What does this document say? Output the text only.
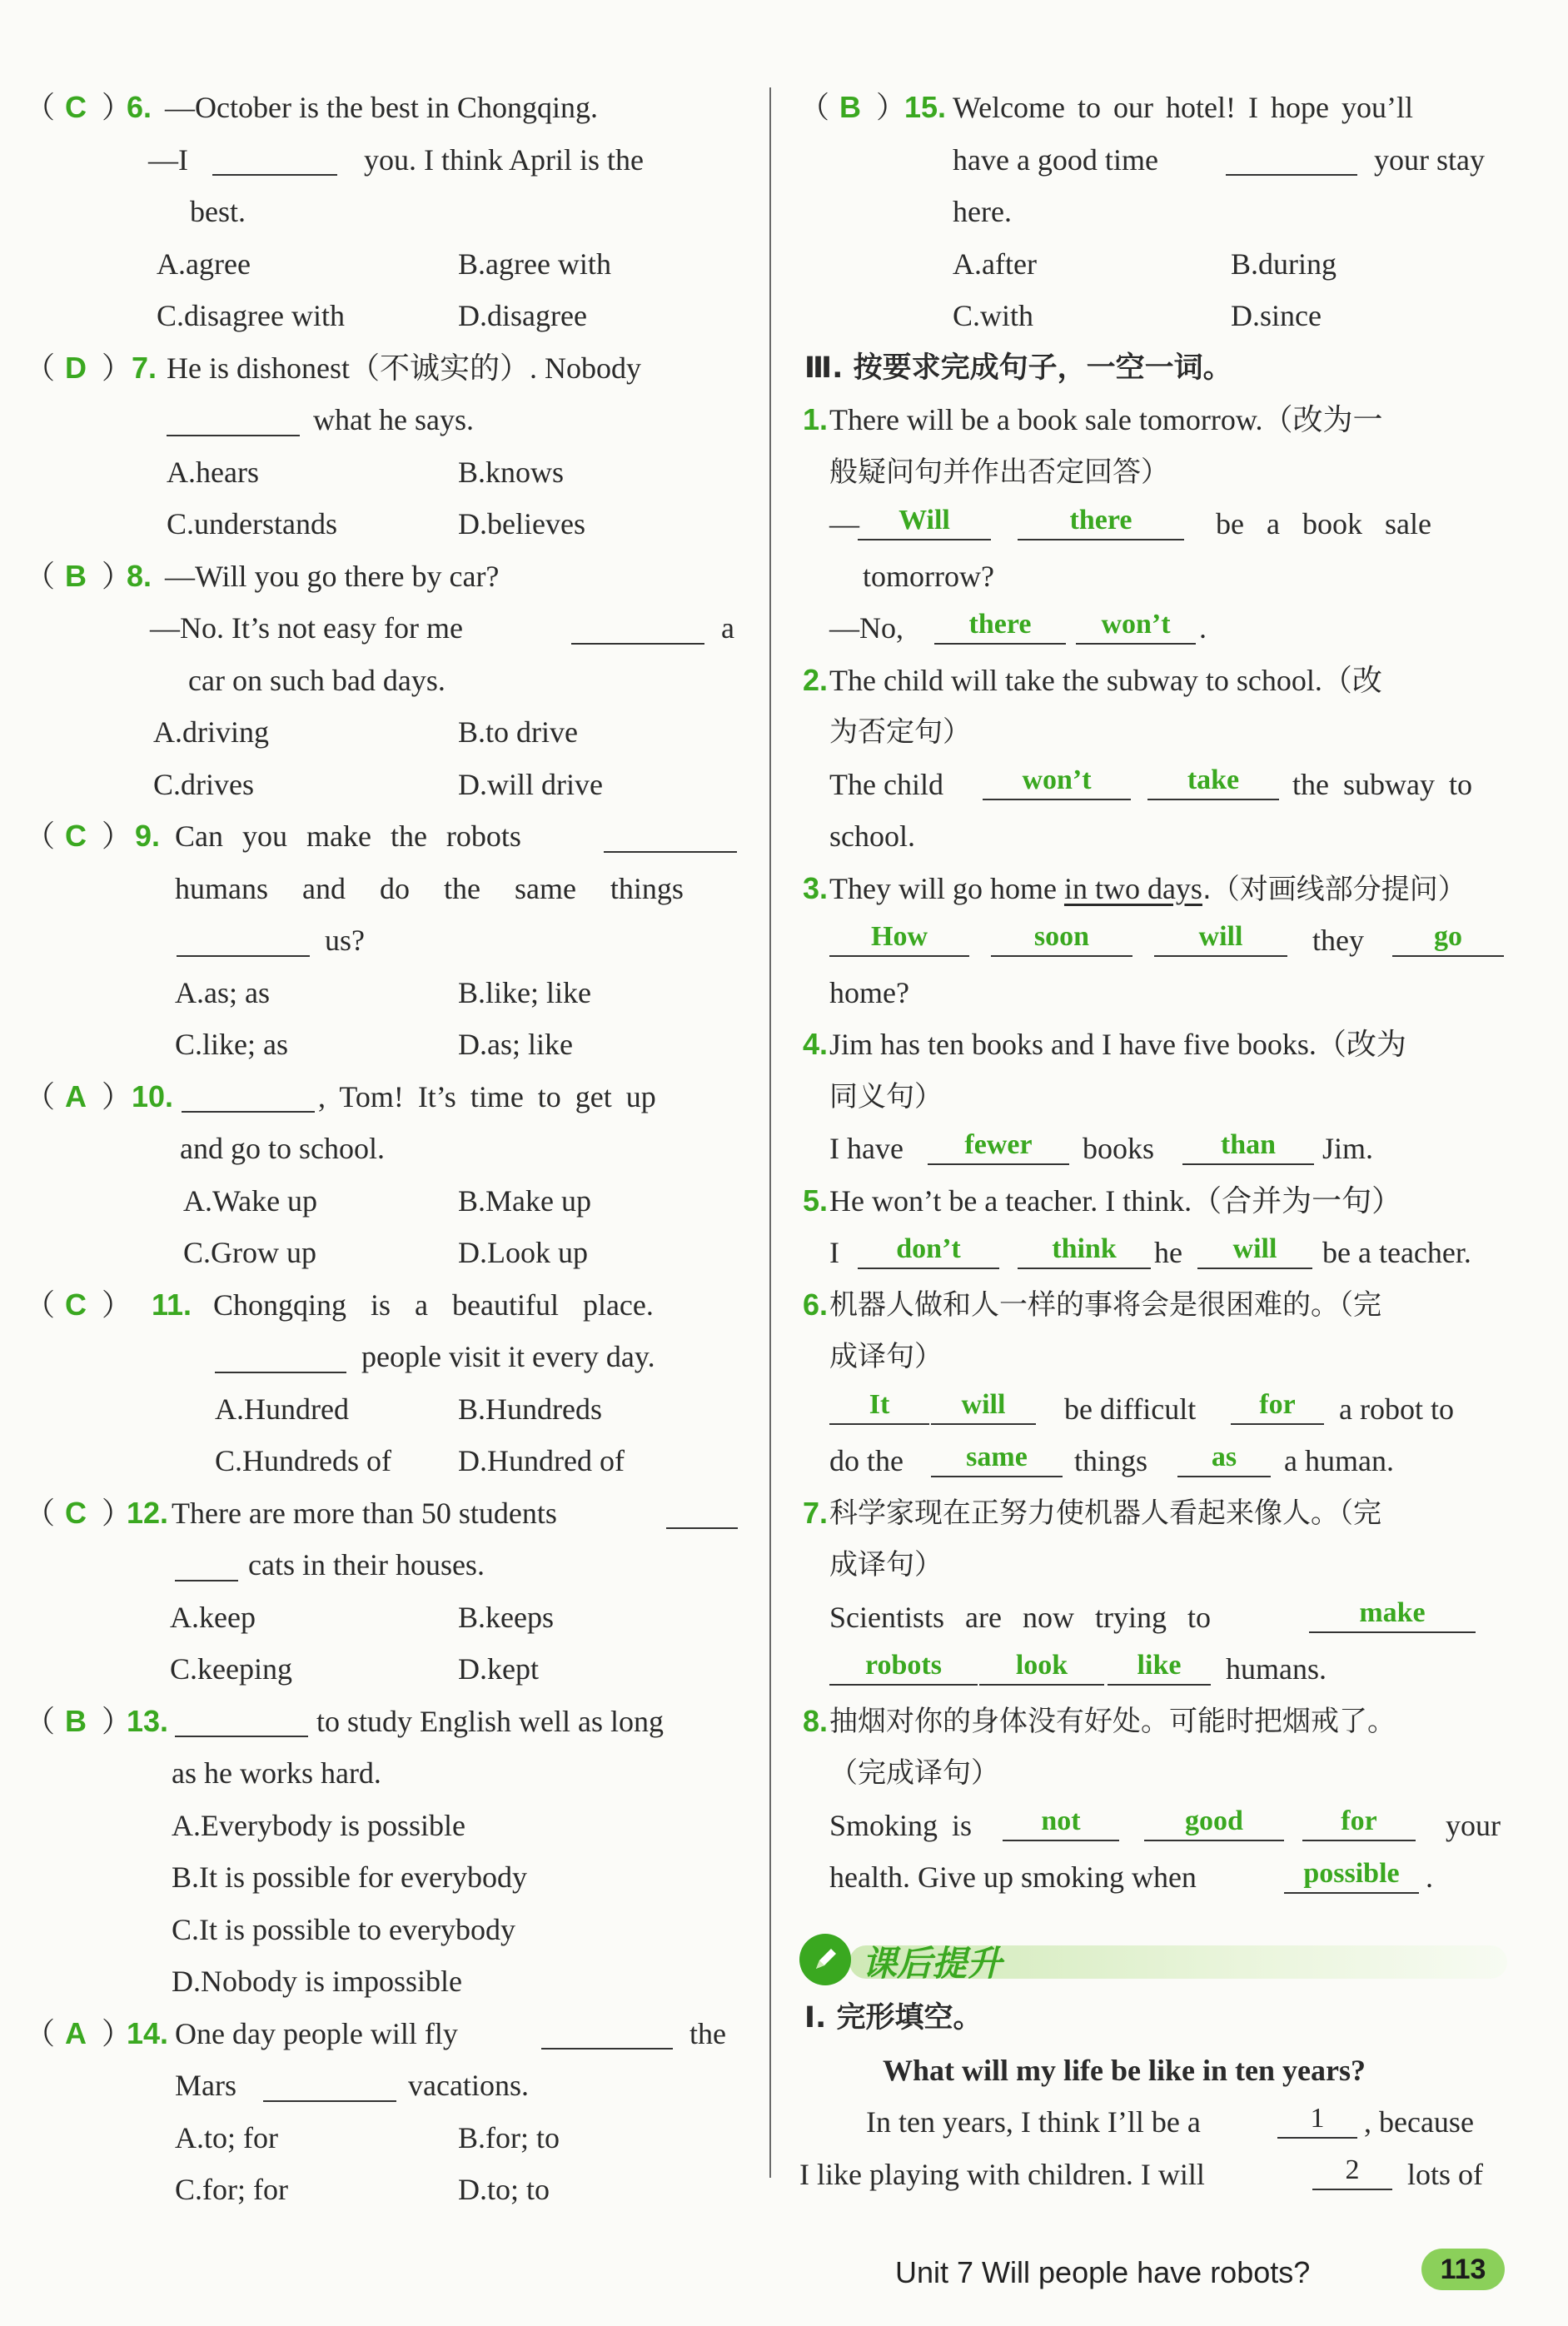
（ C ）
6. —October is the best in Chongqing.
—I	you. I think April is the
best.
A.agree	B.agree with
C.disagree with	D.disagree
（ D ） 7. He is dishonest（不诚实的）. Nobody
what he says.
A.hears	B.knows
C.understands	D.believes
（ B ）
8. —Will you go there by car?
—No. It’s not easy for me	a
car on such bad days.
A.driving	B.to drive
C.drives	D.will drive
（ C ） 9. Can you make the robots
humans and do the same things
us?
A.as; as	B.like; like
C.like; as	D.as; like
（ A ） 10.	, Tom! It’s time to get up
and go to school.
A.Wake up	B.Make up
C.Grow up	D.Look up
（ C ） 11. Chongqing is a beautiful place.
people visit it every day.
A.Hundred	B.Hundreds
C.Hundreds of D.Hundred of
（ C ）
12. There are more than 50 students
cats in their houses.
A.keep	B.keeps
C.keeping	D.kept
（ B ）
13.	to study English well as long
as he works hard.
A.Everybody is possible
B.It is possible for everybody
C.It is possible to everybody
D.Nobody is impossible
（ A ）
14. One day people will fly	the
Mars	vacations.
A.to; for	B.for; to
C.for; for	D.to; to
（ B ）
15. Welcome to our hotel! I hope you’ll
have a good time	your stay
here.
A.after	B.during
C.with	D.since
Ⅲ. 按要求完成句子，一空一词。
1. There will be a book sale tomorrow.（改为一
般疑问句并作出否定回答）
—	Will	there	be a book sale
tomorrow?
—No,	there	won’t .
2. The child will take the subway to school.（改
为否定句）
The child	won’t	take	the subway to
school.
3. They will go home in two days.（对画线部分提问）
How	soon	will	they	go
home?
4. Jim has ten books and I have five books.（改为
同义句）
I have	fewer	books	than	Jim.
5. He won’t be a teacher. I think.（合并为一句）
I	don’t	think	he	will	be a teacher.
6. 机器人做和人一样的事将会是很困难的。（完
成译句）
It	will	be difficult	for	a robot to
do the	same	things	as	a human.
7. 科学家现在正努力使机器人看起来像人。（完
成译句）
Scientists are now trying to	make
robots	look	like	humans.
8. 抽烟对你的身体没有好处。可能时把烟戒了。
（完成译句）
Smoking is	not	good	for	your
health. Give up smoking when	possible .
课后提升
Ⅰ. 完形填空。
What will my life be like in ten years?
In ten years, I think I’ll be a	1	, because
I like playing with children. I will	2	lots of
Unit 7 Will people have robots?	113
